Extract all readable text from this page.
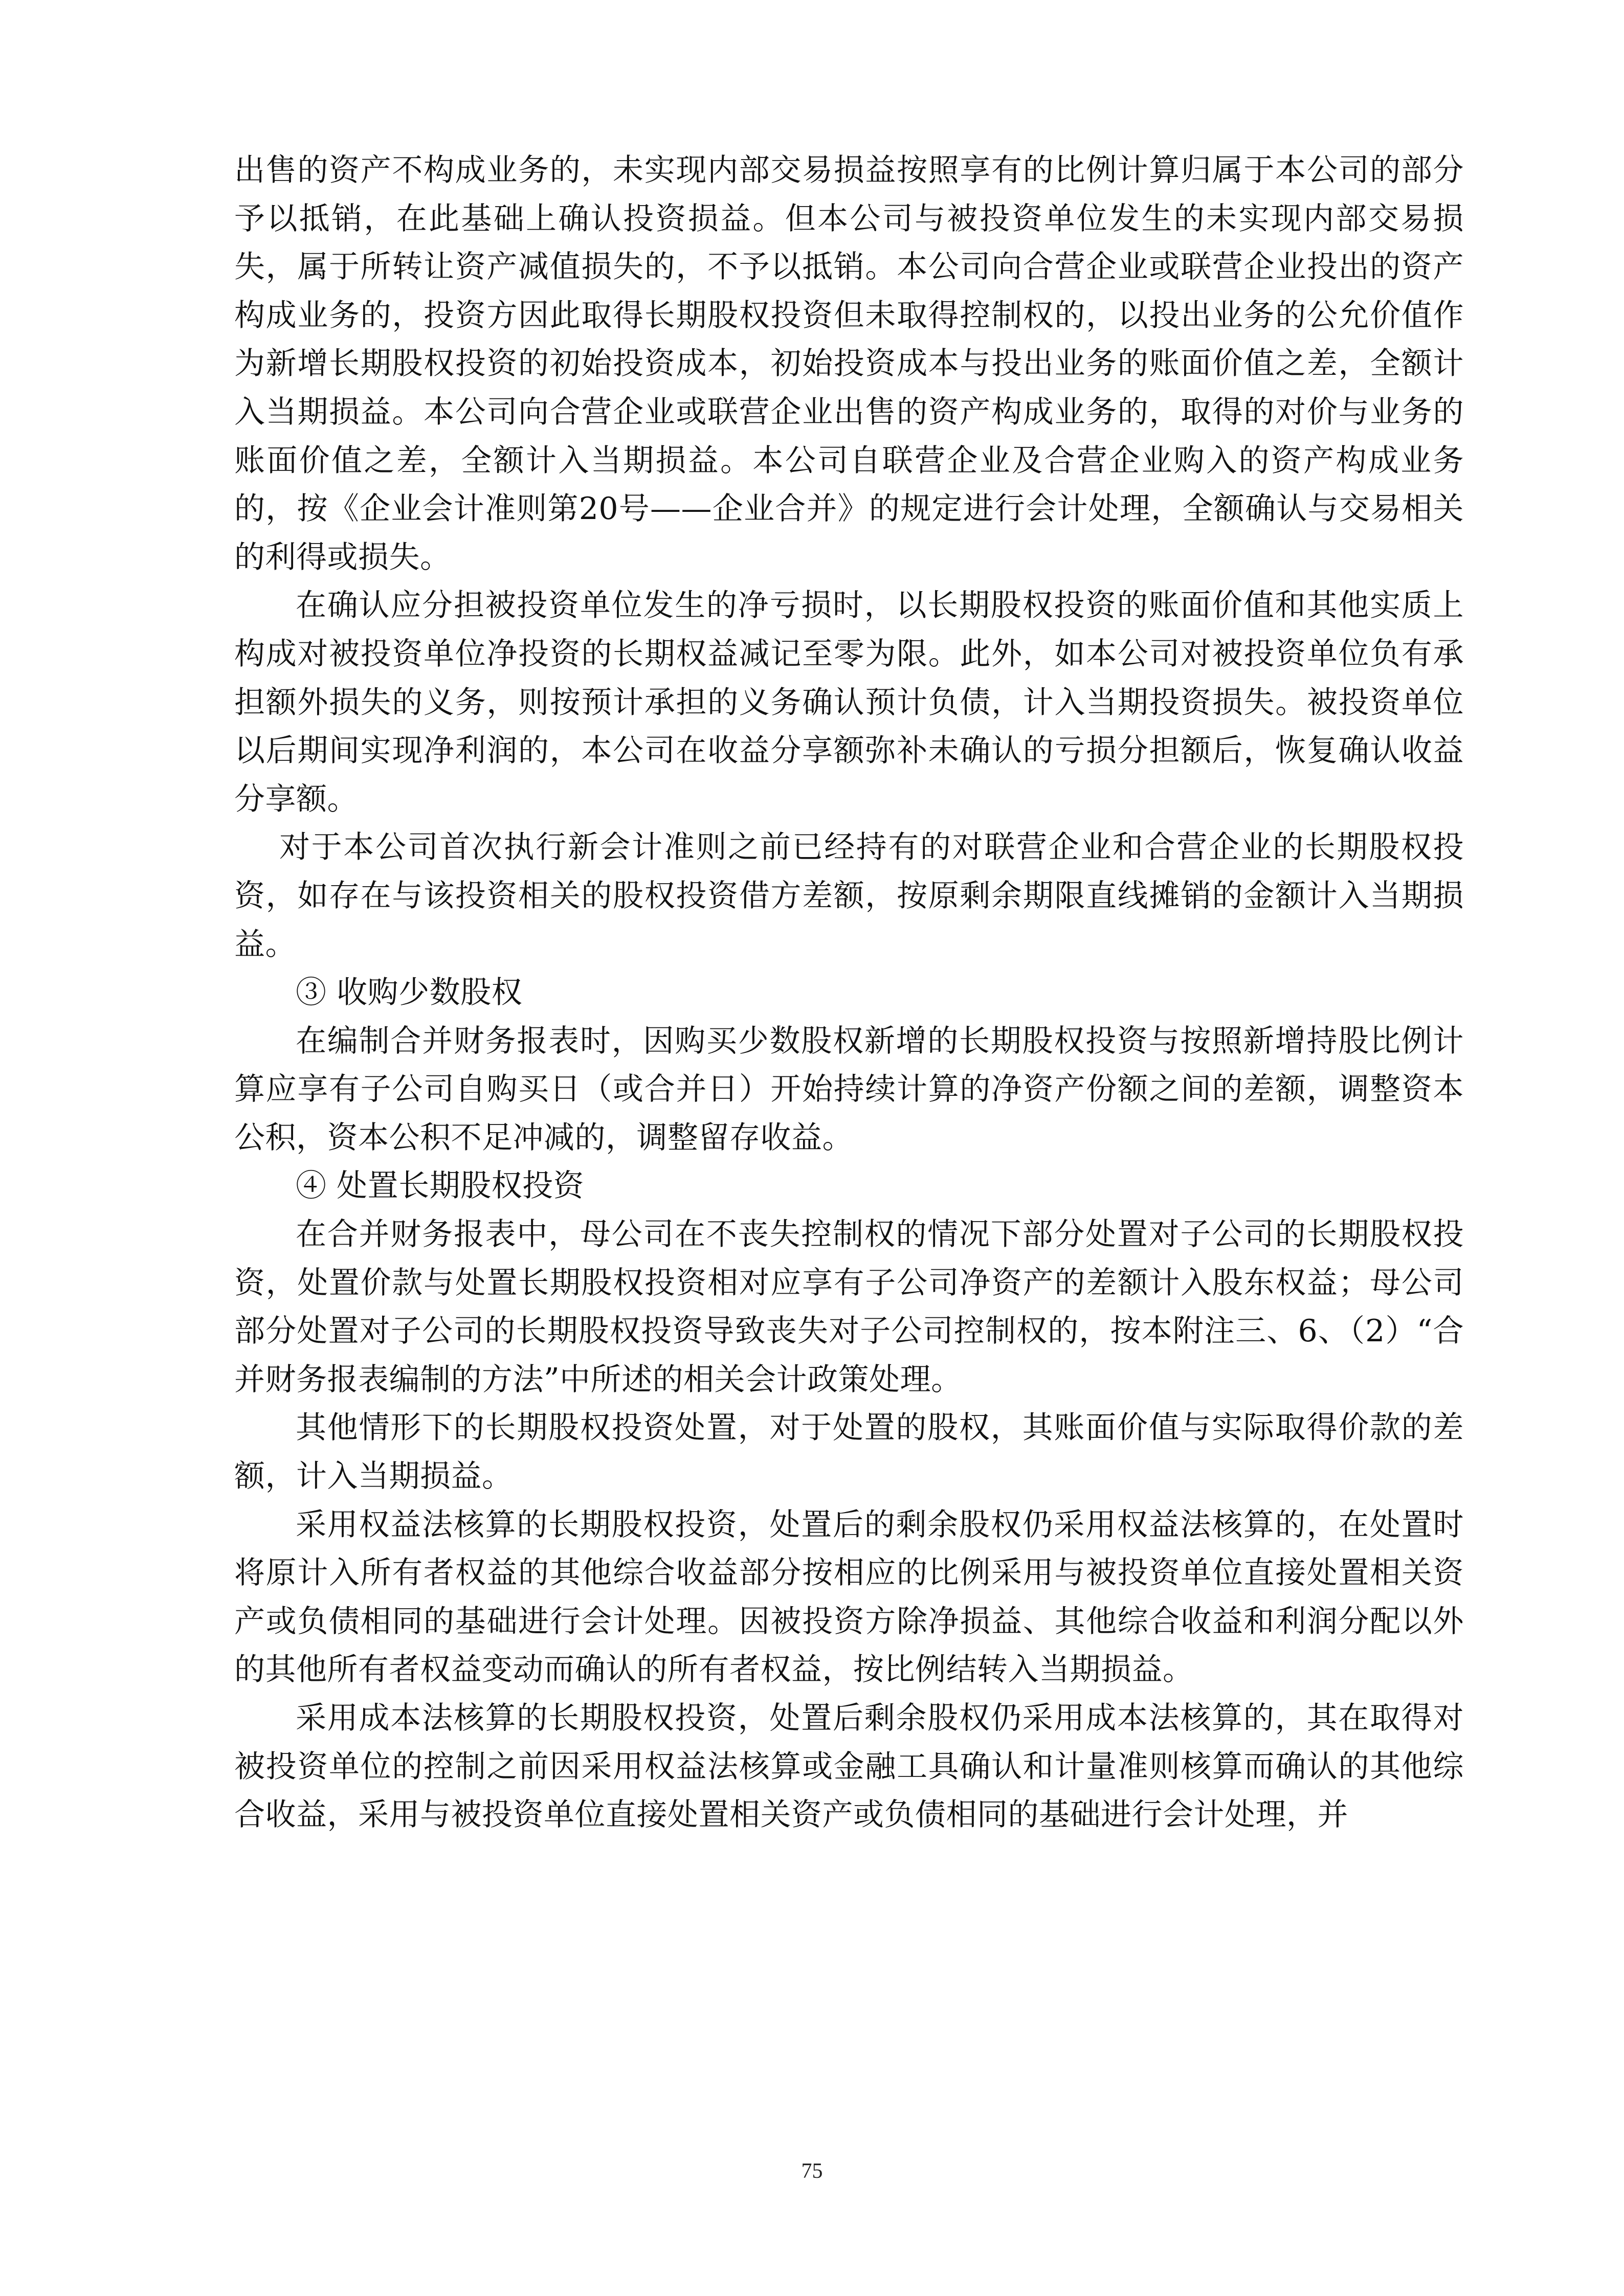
出售的资产不构成业务的，未实现内部交易损益按照享有的比例计算归属于本公司的部分予以抵销，在此基础上确认投资损益。但本公司与被投资单位发生的未实现内部交易损失，属于所转让资产减值损失的，不予以抵销。本公司向合营企业或联营企业投出的资产构成业务的，投资方因此取得长期股权投资但未取得控制权的，以投出业务的公允价值作为新增长期股权投资的初始投资成本，初始投资成本与投出业务的账面价值之差，全额计入当期损益。本公司向合营企业或联营企业出售的资产构成业务的，取得的对价与业务的账面价值之差，全额计入当期损益。本公司自联营企业及合营企业购入的资产构成业务的，按《企业会计准则第20号——企业合并》的规定进行会计处理，全额确认与交易相关的利得或损失。

在确认应分担被投资单位发生的净亏损时，以长期股权投资的账面价值和其他实质上构成对被投资单位净投资的长期权益减记至零为限。此外，如本公司对被投资单位负有承担额外损失的义务，则按预计承担的义务确认预计负债，计入当期投资损失。被投资单位以后期间实现净利润的，本公司在收益分享额弥补未确认的亏损分担额后，恢复确认收益分享额。

对于本公司首次执行新会计准则之前已经持有的对联营企业和合营企业的长期股权投资，如存在与该投资相关的股权投资借方差额，按原剩余期限直线摊销的金额计入当期损益。

③ 收购少数股权

在编制合并财务报表时，因购买少数股权新增的长期股权投资与按照新增持股比例计算应享有子公司自购买日（或合并日）开始持续计算的净资产份额之间的差额，调整资本公积，资本公积不足冲减的，调整留存收益。

④ 处置长期股权投资

在合并财务报表中，母公司在不丧失控制权的情况下部分处置对子公司的长期股权投资，处置价款与处置长期股权投资相对应享有子公司净资产的差额计入股东权益；母公司部分处置对子公司的长期股权投资导致丧失对子公司控制权的，按本附注三、6、（2）“合并财务报表编制的方法”中所述的相关会计政策处理。

其他情形下的长期股权投资处置，对于处置的股权，其账面价值与实际取得价款的差额，计入当期损益。

采用权益法核算的长期股权投资，处置后的剩余股权仍采用权益法核算的，在处置时将原计入所有者权益的其他综合收益部分按相应的比例采用与被投资单位直接处置相关资产或负债相同的基础进行会计处理。因被投资方除净损益、其他综合收益和利润分配以外的其他所有者权益变动而确认的所有者权益，按比例结转入当期损益。

采用成本法核算的长期股权投资，处置后剩余股权仍采用成本法核算的，其在取得对被投资单位的控制之前因采用权益法核算或金融工具确认和计量准则核算而确认的其他综合收益，采用与被投资单位直接处置相关资产或负债相同的基础进行会计处理，并

75
